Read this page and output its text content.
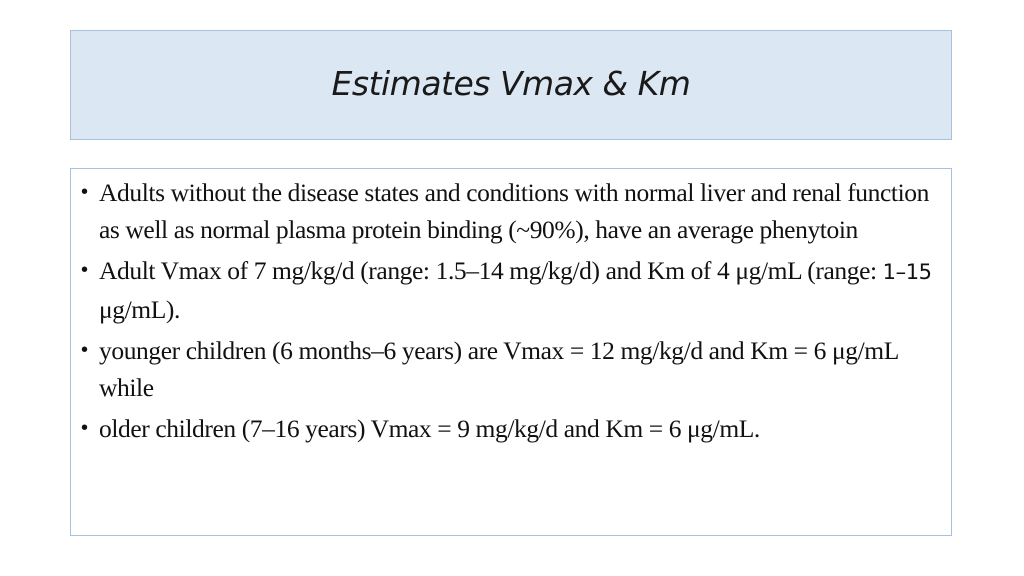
Estimates Vmax & Km
• Adults without the disease states and conditions with normal liver and renal function as well as normal plasma protein binding (~90%), have an average phenytoin
• Adult Vmax of 7 mg/kg/d (range: 1.5–14 mg/kg/d) and Km of 4 μg/mL (range: 1–15 μg/mL).
• younger children (6 months–6 years) are Vmax = 12 mg/kg/d and Km = 6 μg/mL while
• older children (7–16 years) Vmax = 9 mg/kg/d and Km = 6 μg/mL.
